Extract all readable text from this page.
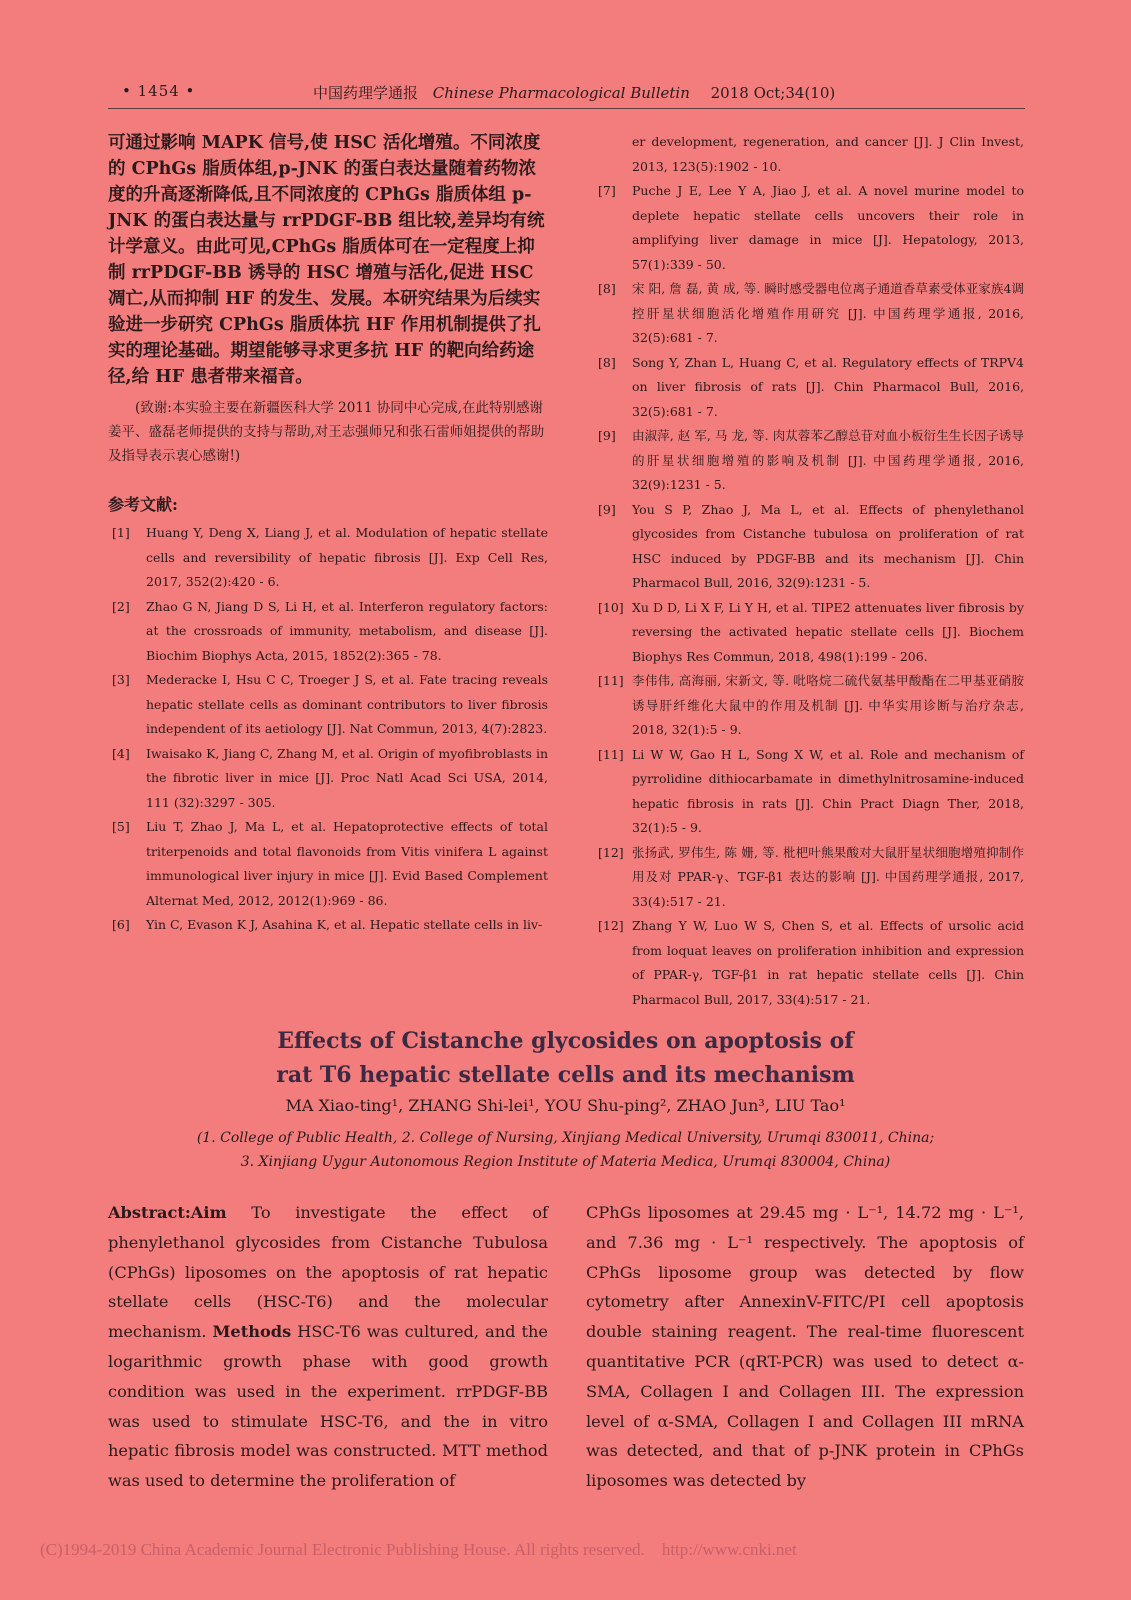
• 1454 •	中国药理学通报 Chinese Pharmacological Bulletin 2018 Oct;34(10)

可通过影响 MAPK 信号,使 HSC 活化增殖。不同浓度的 CPhGs 脂质体组,p-JNK 的蛋白表达量随着药物浓度的升高逐渐降低,且不同浓度的 CPhGs 脂质体组 p-JNK 的蛋白表达量与 rrPDGF-BB 组比较,差异均有统计学意义。由此可见,CPhGs 脂质体可在一定程度上抑制 rrPDGF-BB 诱导的 HSC 增殖与活化,促进 HSC 凋亡,从而抑制 HF 的发生、发展。本研究结果为后续实验进一步研究 CPhGs 脂质体抗 HF 作用机制提供了扎实的理论基础。期望能够寻求更多抗 HF 的靶向给药途径,给 HF 患者带来福音。

(致谢:本实验主要在新疆医科大学 2011 协同中心完成,在此特别感谢姜平、盛磊老师提供的支持与帮助,对王志强师兄和张石雷师姐提供的帮助及指导表示衷心感谢!)

参考文献:
[1] Huang Y, Deng X, Liang J, et al. Modulation of hepatic stellate cells and reversibility of hepatic fibrosis [J]. Exp Cell Res, 2017, 352(2):420 - 6.
[2] Zhao G N, Jiang D S, Li H, et al. Interferon regulatory factors: at the crossroads of immunity, metabolism, and disease [J]. Biochim Biophys Acta, 2015, 1852(2):365 - 78.
[3] Mederacke I, Hsu C C, Troeger J S, et al. Fate tracing reveals hepatic stellate cells as dominant contributors to liver fibrosis independent of its aetiology [J]. Nat Commun, 2013, 4(7):2823.
[4] Iwaisako K, Jiang C, Zhang M, et al. Origin of myofibroblasts in the fibrotic liver in mice [J]. Proc Natl Acad Sci USA, 2014, 111 (32):3297 - 305.
[5] Liu T, Zhao J, Ma L, et al. Hepatoprotective effects of total triterpenoids and total flavonoids from Vitis vinifera L against immunological liver injury in mice [J]. Evid Based Complement Alternat Med, 2012, 2012(1):969 - 86.
[6] Yin C, Evason K J, Asahina K, et al. Hepatic stellate cells in liv-
er development, regeneration, and cancer [J]. J Clin Invest, 2013, 123(5):1902 - 10.
[7] Puche J E, Lee Y A, Jiao J, et al. A novel murine model to deplete hepatic stellate cells uncovers their role in amplifying liver damage in mice [J]. Hepatology, 2013, 57(1):339 - 50.
[8] 宋 阳, 詹 磊, 黄 成, 等. 瞬时感受器电位离子通道香草素受体亚家族4调控肝星状细胞活化增殖作用研究 [J]. 中国药理学通报, 2016, 32(5):681 - 7.
[8] Song Y, Zhan L, Huang C, et al. Regulatory effects of TRPV4 on liver fibrosis of rats [J]. Chin Pharmacol Bull, 2016, 32(5):681 - 7.
[9] 由淑萍, 赵 军, 马 龙, 等. 肉苁蓉苯乙醇总苷对血小板衍生生长因子诱导的肝星状细胞增殖的影响及机制 [J]. 中国药理学通报, 2016, 32(9):1231 - 5.
[9] You S P, Zhao J, Ma L, et al. Effects of phenylethanol glycosides from Cistanche tubulosa on proliferation of rat HSC induced by PDGF-BB and its mechanism [J]. Chin Pharmacol Bull, 2016, 32(9):1231 - 5.
[10] Xu D D, Li X F, Li Y H, et al. TIPE2 attenuates liver fibrosis by reversing the activated hepatic stellate cells [J]. Biochem Biophys Res Commun, 2018, 498(1):199 - 206.
[11] 李伟伟, 高海丽, 宋新文, 等. 吡咯烷二硫代氨基甲酸酯在二甲基亚硝胺诱导肝纤维化大鼠中的作用及机制 [J]. 中华实用诊断与治疗杂志, 2018, 32(1):5 - 9.
[11] Li W W, Gao H L, Song X W, et al. Role and mechanism of pyrrolidine dithiocarbamate in dimethylnitrosamine-induced hepatic fibrosis in rats [J]. Chin Pract Diagn Ther, 2018, 32(1):5 - 9.
[12] 张扬武, 罗伟生, 陈 姗, 等. 枇杷叶熊果酸对大鼠肝星状细胞增殖抑制作用及对 PPAR-γ、TGF-β1 表达的影响 [J]. 中国药理学通报, 2017, 33(4):517 - 21.
[12] Zhang Y W, Luo W S, Chen S, et al. Effects of ursolic acid from loquat leaves on proliferation inhibition and expression of PPAR-γ, TGF-β1 in rat hepatic stellate cells [J]. Chin Pharmacol Bull, 2017, 33(4):517 - 21.
Effects of Cistanche glycosides on apoptosis of
rat T6 hepatic stellate cells and its mechanism
MA Xiao-ting¹, ZHANG Shi-lei¹, YOU Shu-ping², ZHAO Jun³, LIU Tao¹
(1. College of Public Health, 2. College of Nursing, Xinjiang Medical University, Urumqi 830011, China;
3. Xinjiang Uygur Autonomous Region Institute of Materia Medica, Urumqi 830004, China)

Abstract:Aim To investigate the effect of phenylethanol glycosides from Cistanche Tubulosa (CPhGs) liposomes on the apoptosis of rat hepatic stellate cells (HSC-T6) and the molecular mechanism. Methods HSC-T6 was cultured, and the logarithmic growth phase with good growth condition was used in the experiment. rrPDGF-BB was used to stimulate HSC-T6, and the in vitro hepatic fibrosis model was constructed. MTT method was used to determine the proliferation of

CPhGs liposomes at 29.45 mg · L⁻¹, 14.72 mg · L⁻¹, and 7.36 mg · L⁻¹ respectively. The apoptosis of CPhGs liposome group was detected by flow cytometry after AnnexinV-FITC/PI cell apoptosis double staining reagent. The real-time fluorescent quantitative PCR (qRT-PCR) was used to detect α-SMA, Collagen I and Collagen III. The expression level of α-SMA, Collagen I and Collagen III mRNA was detected, and that of p-JNK protein in CPhGs liposomes was detected by

(C)1994-2019 China Academic Journal Electronic Publishing House. All rights reserved. http://www.cnki.net
